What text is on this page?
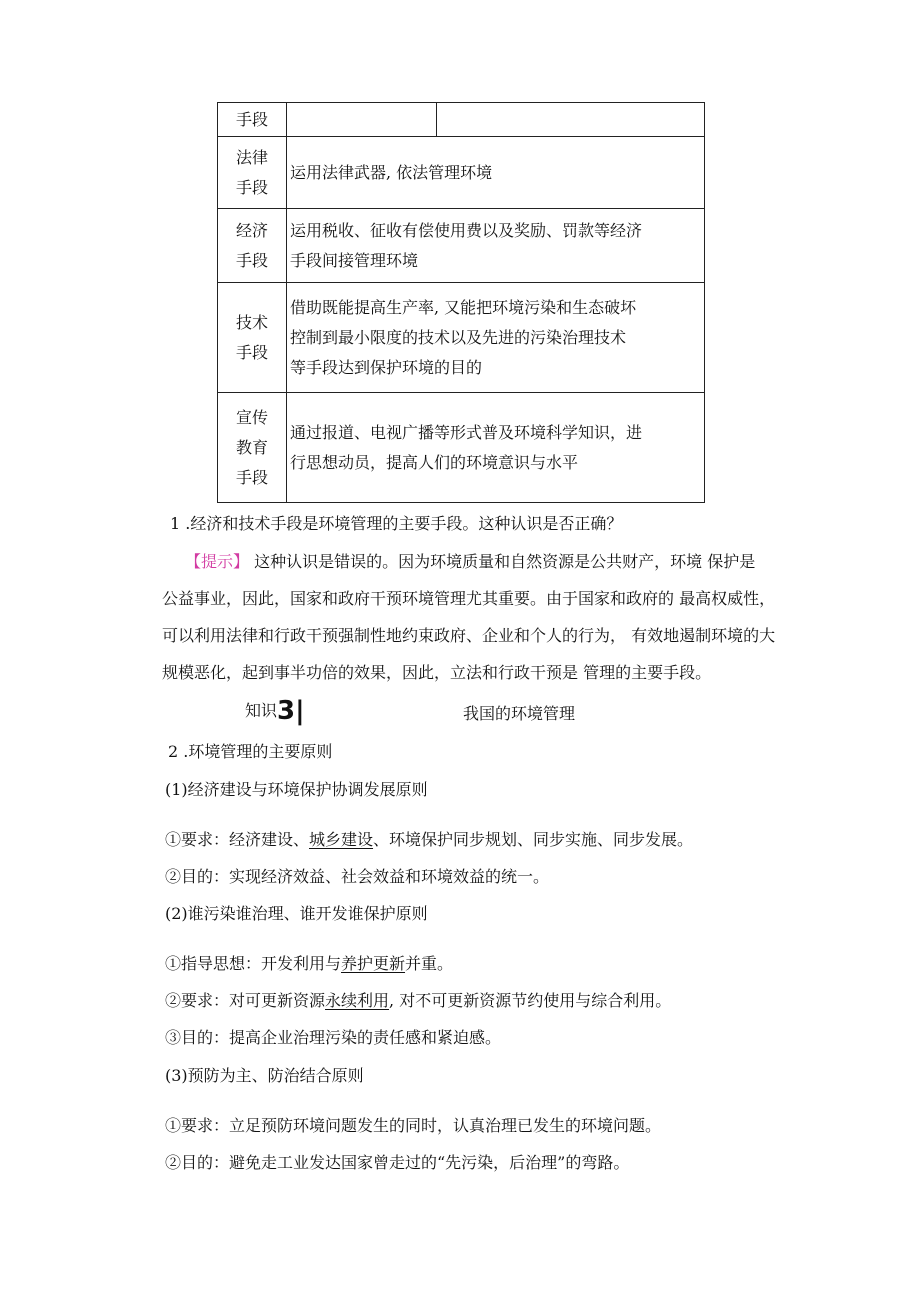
手段		

法律
手段	运用法律武器, 依法管理环境	

经济
手段	运用税收、征收有偿使用费以及奖励、罚款等经济
手段间接管理环境	

技术
手段	借助既能提高生产率, 又能把环境污染和生态破坏
控制到最小限度的技术以及先进的污染治理技术
等手段达到保护环境的目的	

宣传
教育
手段	通过报道、电视广播等形式普及环境科学知识，进
行思想动员，提高人们的环境意识与水平	
1 .经济和技术手段是环境管理的主要手段。这种认识是否正确？
【提示】 这种认识是错误的。因为环境质量和自然资源是公共财产，环境 保护是
公益事业，因此，国家和政府干预环境管理尤其重要。由于国家和政府的 最高权威性，
可以利用法律和行政干预强制性地约束政府、企业和个人的行为， 有效地遏制环境的大
规模恶化，起到事半功倍的效果，因此，立法和行政干预是 管理的主要手段。
知识3|	我国的环境管理
2 .环境管理的主要原则
(1)经济建设与环境保护协调发展原则
①要求：经济建设、城乡建设、环境保护同步规划、同步实施、同步发展。
②目的：实现经济效益、社会效益和环境效益的统一。
(2)谁污染谁治理、谁开发谁保护原则
①指导思想：开发利用与养护更新并重。
②要求：对可更新资源永续利用, 对不可更新资源节约使用与综合利用。
③目的：提高企业治理污染的责任感和紧迫感。
(3)预防为主、防治结合原则
①要求：立足预防环境问题发生的同时，认真治理已发生的环境问题。
②目的：避免走工业发达国家曾走过的“先污染，后治理”的弯路。
